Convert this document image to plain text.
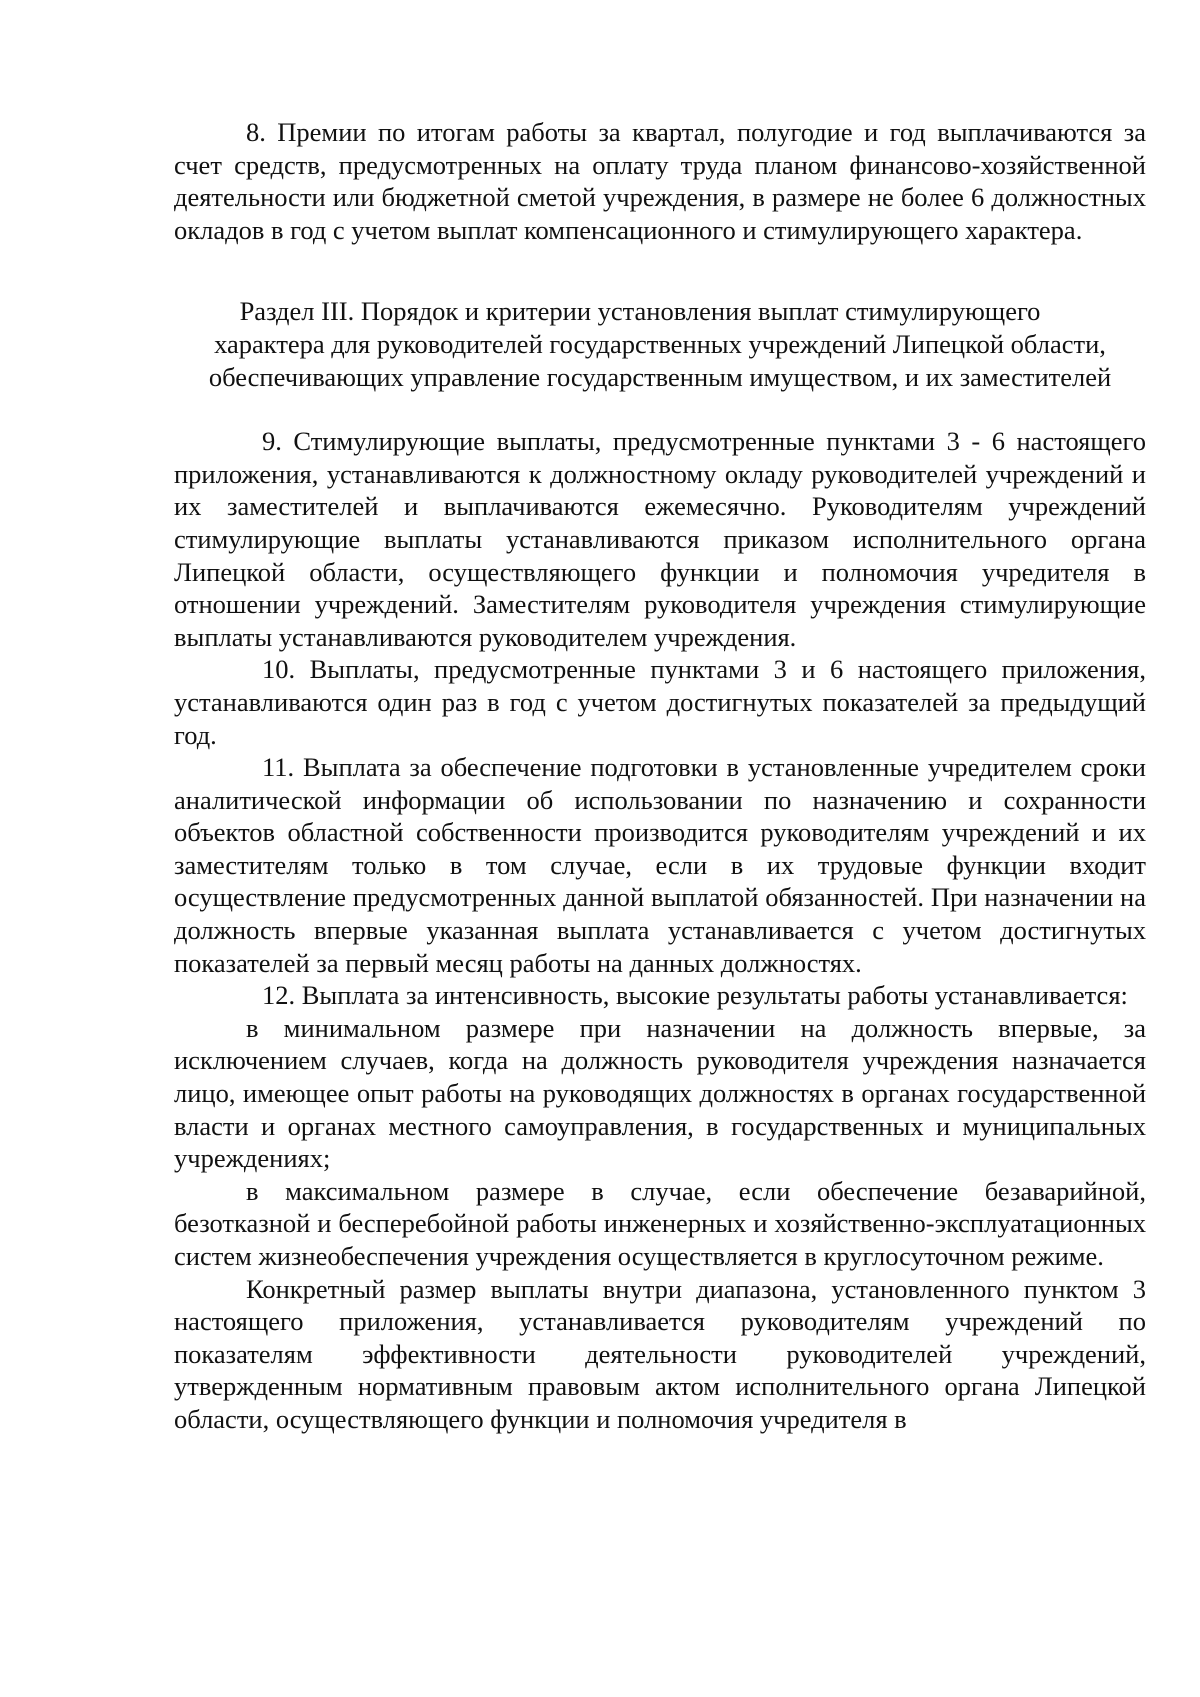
8. Премии по итогам работы за квартал, полугодие и год выплачиваются за счет средств, предусмотренных на оплату труда планом финансово-хозяйственной деятельности или бюджетной сметой учреждения, в размере не более 6 должностных окладов в год с учетом выплат компенсационного и стимулирующего характера.

Раздел III. Порядок и критерии установления выплат стимулирующего
характера для руководителей государственных учреждений Липецкой области,
обеспечивающих управление государственным имуществом, и их заместителей

9. Стимулирующие выплаты, предусмотренные пунктами 3 - 6 настоящего приложения, устанавливаются к должностному окладу руководителей учреждений и их заместителей и выплачиваются ежемесячно. Руководителям учреждений стимулирующие выплаты устанавливаются приказом исполнительного органа Липецкой области, осуществляющего функции и полномочия учредителя в отношении учреждений. Заместителям руководителя учреждения стимулирующие выплаты устанавливаются руководителем учреждения.

10. Выплаты, предусмотренные пунктами 3 и 6 настоящего приложения, устанавливаются один раз в год с учетом достигнутых показателей за предыдущий год.

11. Выплата за обеспечение подготовки в установленные учредителем сроки аналитической информации об использовании по назначению и сохранности объектов областной собственности производится руководителям учреждений и их заместителям только в том случае, если в их трудовые функции входит осуществление предусмотренных данной выплатой обязанностей. При назначении на должность впервые указанная выплата устанавливается с учетом достигнутых показателей за первый месяц работы на данных должностях.

12. Выплата за интенсивность, высокие результаты работы устанавливается:

в минимальном размере при назначении на должность впервые, за исключением случаев, когда на должность руководителя учреждения назначается лицо, имеющее опыт работы на руководящих должностях в органах государственной власти и органах местного самоуправления, в государственных и муниципальных учреждениях;

в максимальном размере в случае, если обеспечение безаварийной, безотказной и бесперебойной работы инженерных и хозяйственно-эксплуатационных систем жизнеобеспечения учреждения осуществляется в круглосуточном режиме.

Конкретный размер выплаты внутри диапазона, установленного пунктом 3 настоящего приложения, устанавливается руководителям учреждений по показателям эффективности деятельности руководителей учреждений, утвержденным нормативным правовым актом исполнительного органа Липецкой области, осуществляющего функции и полномочия учредителя в
